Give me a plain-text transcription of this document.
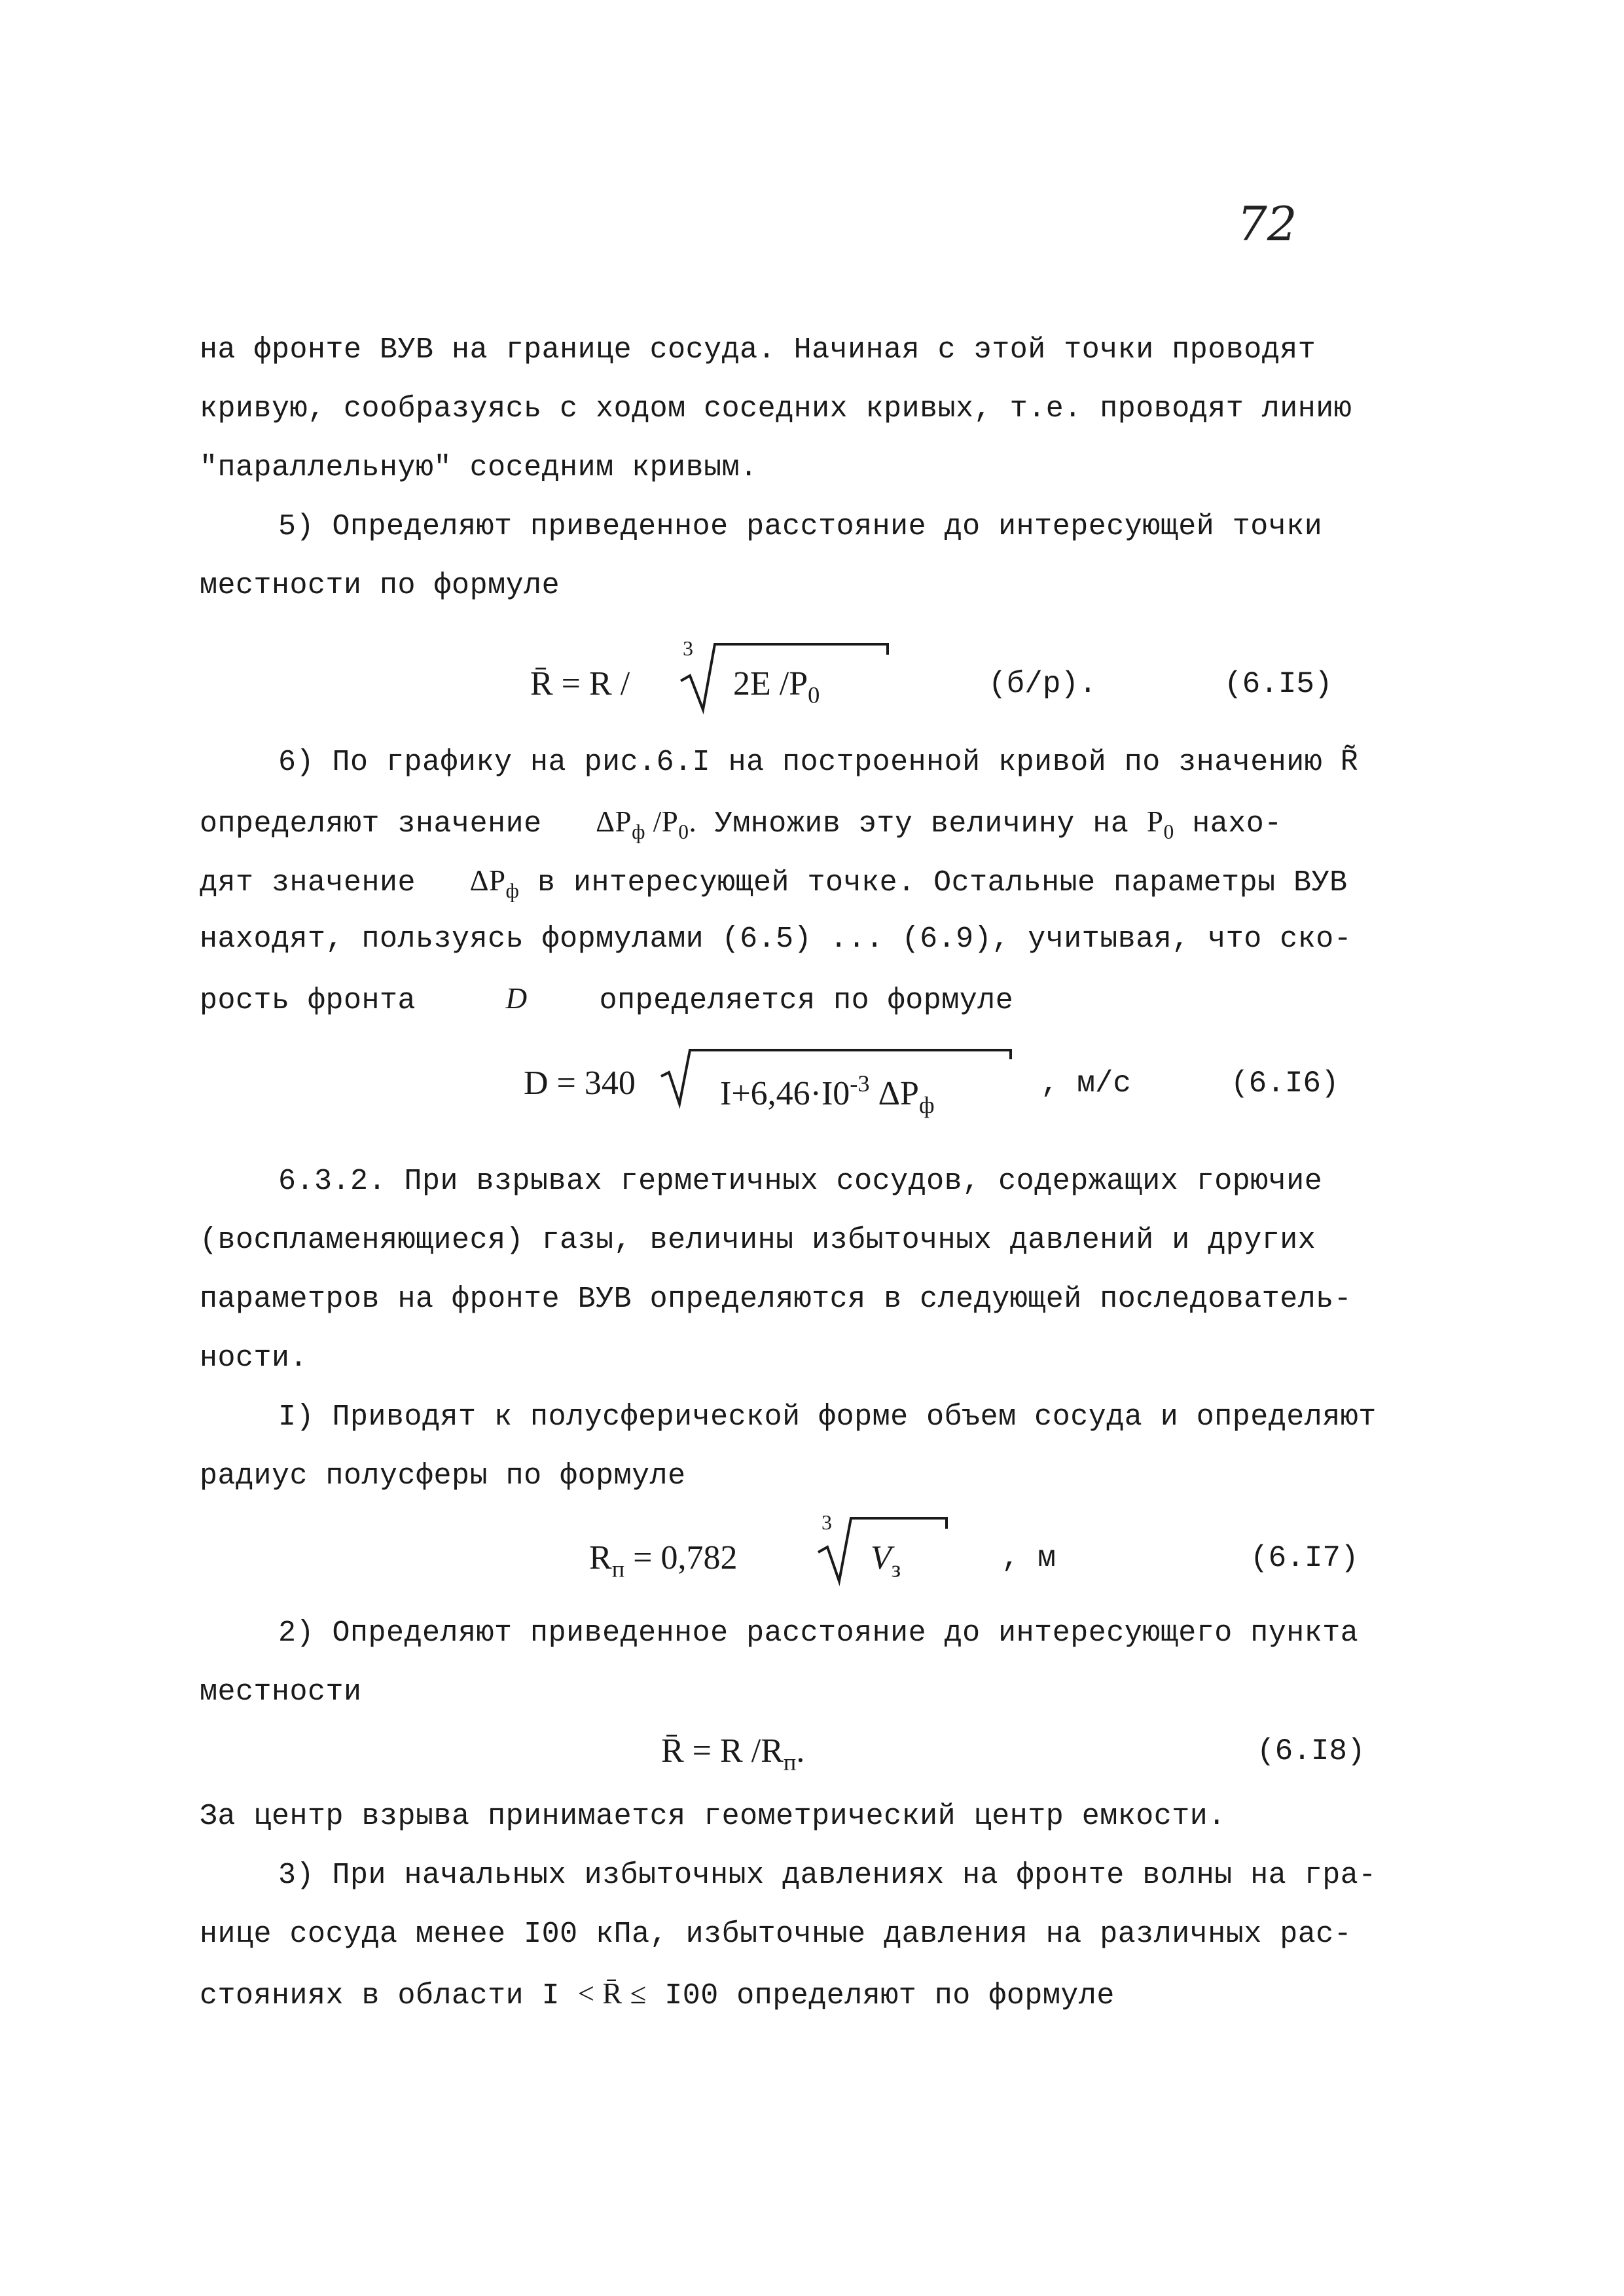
72
на фронте ВУВ на границе сосуда. Начиная с этой точки проводят
кривую, сообразуясь с ходом соседних кривых, т.е. проводят линию
"параллельную" соседним кривым.
5) Определяют приведенное расстояние до интересующей точки
местности по формуле
R̄ = R /
3
2E $/P_0$	(б/р).	(6.I5)
6) По графику на рис.6.I на построенной кривой по значению R̃
определяют значение $\Delta P_ф$ $/P_0$. Умножив эту величину на $P_0$ нахо-
дят значение $\Delta P_ф$ в интересующей точке. Остальные параметры ВУВ
находят, пользуясь формулами (6.5) ... (6.9), учитывая, что ско-
рость фронта	D определяется по формуле
D = 340 $I+6,46\cdot I0^{-3}$ $\Delta P_ф$
, м/с	(6.I6)
6.3.2. При взрывах герметичных сосудов, содержащих горючие
(воспламеняющиеся) газы, величины избыточных давлений и других
параметров на фронте ВУВ определяются в следующей последователь-
ности.
I) Приводят к полусферической форме объем сосуда и определяют
радиус полусферы по формуле
$R_п = 0,782$
3
$V_з$	, м	(6.I7)
2) Определяют приведенное расстояние до интересующего пункта
местности
R̄ = R $/R_п$.	(6.I8)
За центр взрыва принимается геометрический центр емкости.
3) При начальных избыточных давлениях на фронте волны на гра-
нице сосуда менее I00 кПа, избыточные давления на различных рас-
стояниях в области I < R̄ ≤ I00 определяют по формуле
